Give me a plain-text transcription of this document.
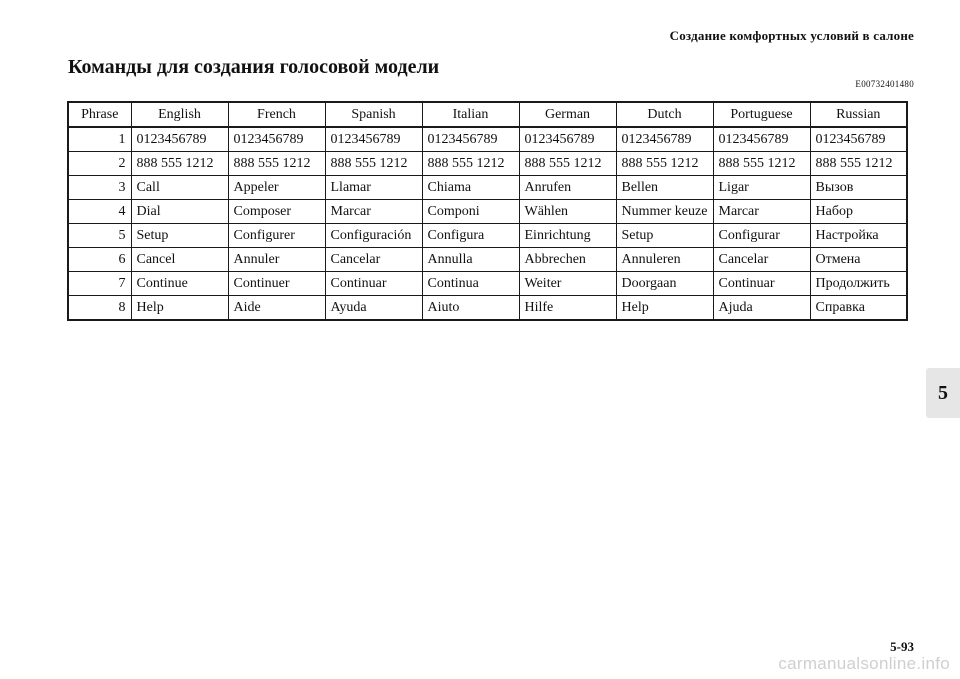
Создание комфортных условий в салоне
Команды для создания голосовой модели
E00732401480
Phrase	English	French	Spanish	Italian	German	Dutch	Portuguese	Russian
1	0123456789	0123456789	0123456789	0123456789	0123456789	0123456789	0123456789	0123456789
2	888 555 1212	888 555 1212	888 555 1212	888 555 1212	888 555 1212	888 555 1212	888 555 1212	888 555 1212
3	Call	Appeler	Llamar	Chiama	Anrufen	Bellen	Ligar	Вызов
4	Dial	Composer	Marcar	Componi	Wählen	Nummer keuze	Marcar	Набор
5	Setup	Configurer	Configuración	Configura	Einrichtung	Setup	Configurar	Настройка
6	Cancel	Annuler	Cancelar	Annulla	Abbrechen	Annuleren	Cancelar	Отмена
7	Continue	Continuer	Continuar	Continua	Weiter	Doorgaan	Continuar	Продолжить
8	Help	Aide	Ayuda	Aiuto	Hilfe	Help	Ajuda	Справка
5
5-93
carmanualsonline.info
